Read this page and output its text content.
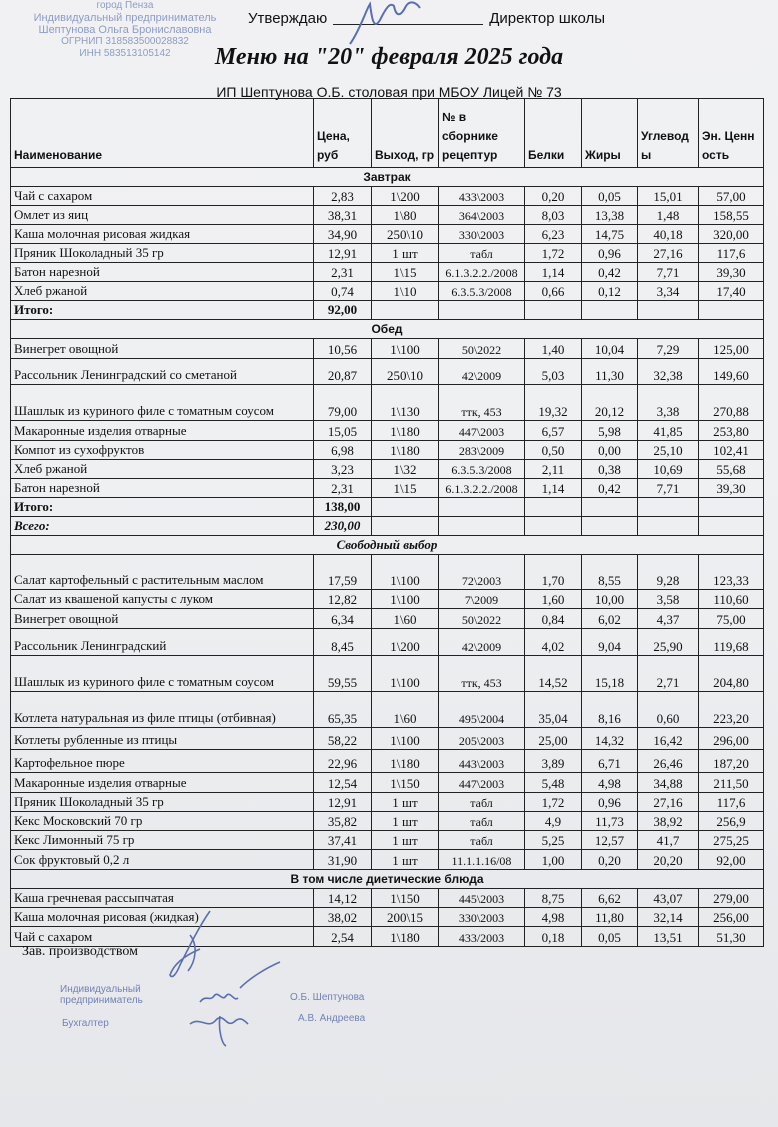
город Пенза
Индивидуальный предприниматель
Шептунова Ольга Брониславовна
ОГРНИП 318583500028832
ИНН 583513105142
Утверждаю	Директор школы
Меню на "20" февраля 2025 года
ИП Шептунова О.Б. столовая при МБОУ Лицей № 73
Наименование	Цена, руб	Выход, гр	№ в сборнике рецептур	Белки	Жиры	Углеводы	Эн. Ценность
Завтрак							
Чай с сахаром	2,83	1\200	433\2003	0,20	0,05	15,01	57,00
Омлет из яиц	38,31	1\80	364\2003	8,03	13,38	1,48	158,55
Каша молочная рисовая жидкая	34,90	250\10	330\2003	6,23	14,75	40,18	320,00
Пряник Шоколадный 35 гр	12,91	1 шт	табл	1,72	0,96	27,16	117,6
Батон нарезной	2,31	1\15	6.1.3.2.2./2008	1,14	0,42	7,71	39,30
Хлеб ржаной	0,74	1\10	6.3.5.3/2008	0,66	0,12	3,34	17,40
Итого:	92,00						
Обед							
Винегрет овощной	10,56	1\100	50\2022	1,40	10,04	7,29	125,00
Рассольник Ленинградский со сметаной	20,87	250\10	42\2009	5,03	11,30	32,38	149,60
Шашлык из куриного филе с томатным соусом	79,00	1\130	ттк, 453	19,32	20,12	3,38	270,88
Макаронные изделия отварные	15,05	1\180	447\2003	6,57	5,98	41,85	253,80
Компот из сухофруктов	6,98	1\180	283\2009	0,50	0,00	25,10	102,41
Хлеб ржаной	3,23	1\32	6.3.5.3/2008	2,11	0,38	10,69	55,68
Батон нарезной	2,31	1\15	6.1.3.2.2./2008	1,14	0,42	7,71	39,30
Итого:	138,00						
Всего:	230,00						
Свободный выбор							
Салат картофельный с растительным маслом	17,59	1\100	72\2003	1,70	8,55	9,28	123,33
Салат из квашеной капусты с луком	12,82	1\100	7\2009	1,60	10,00	3,58	110,60
Винегрет овощной	6,34	1\60	50\2022	0,84	6,02	4,37	75,00
Рассольник Ленинградский	8,45	1\200	42\2009	4,02	9,04	25,90	119,68
Шашлык из куриного филе с томатным соусом	59,55	1\100	ттк, 453	14,52	15,18	2,71	204,80
Котлета натуральная из филе птицы (отбивная)	65,35	1\60	495\2004	35,04	8,16	0,60	223,20
Котлеты рубленные из птицы	58,22	1\100	205\2003	25,00	14,32	16,42	296,00
Картофельное пюре	22,96	1\180	443\2003	3,89	6,71	26,46	187,20
Макаронные изделия отварные	12,54	1\150	447\2003	5,48	4,98	34,88	211,50
Пряник Шоколадный 35 гр	12,91	1 шт	табл	1,72	0,96	27,16	117,6
Кекс Московский 70 гр	35,82	1 шт	табл	4,9	11,73	38,92	256,9
Кекс Лимонный 75 гр	37,41	1 шт	табл	5,25	12,57	41,7	275,25
Сок фруктовый 0,2 л	31,90	1 шт	11.1.1.16/08	1,00	0,20	20,20	92,00
В том числе диетические блюда							
Каша гречневая рассыпчатая	14,12	1\150	445\2003	8,75	6,62	43,07	279,00
Каша молочная рисовая (жидкая)	38,02	200\15	330\2003	4,98	11,80	32,14	256,00
Чай с сахаром	2,54	1\180	433/2003	0,18	0,05	13,51	51,30
Зав. производством
Индивидуальный предприниматель	О.Б. Шептунова
Бухгалтер	А.В. Андреева
